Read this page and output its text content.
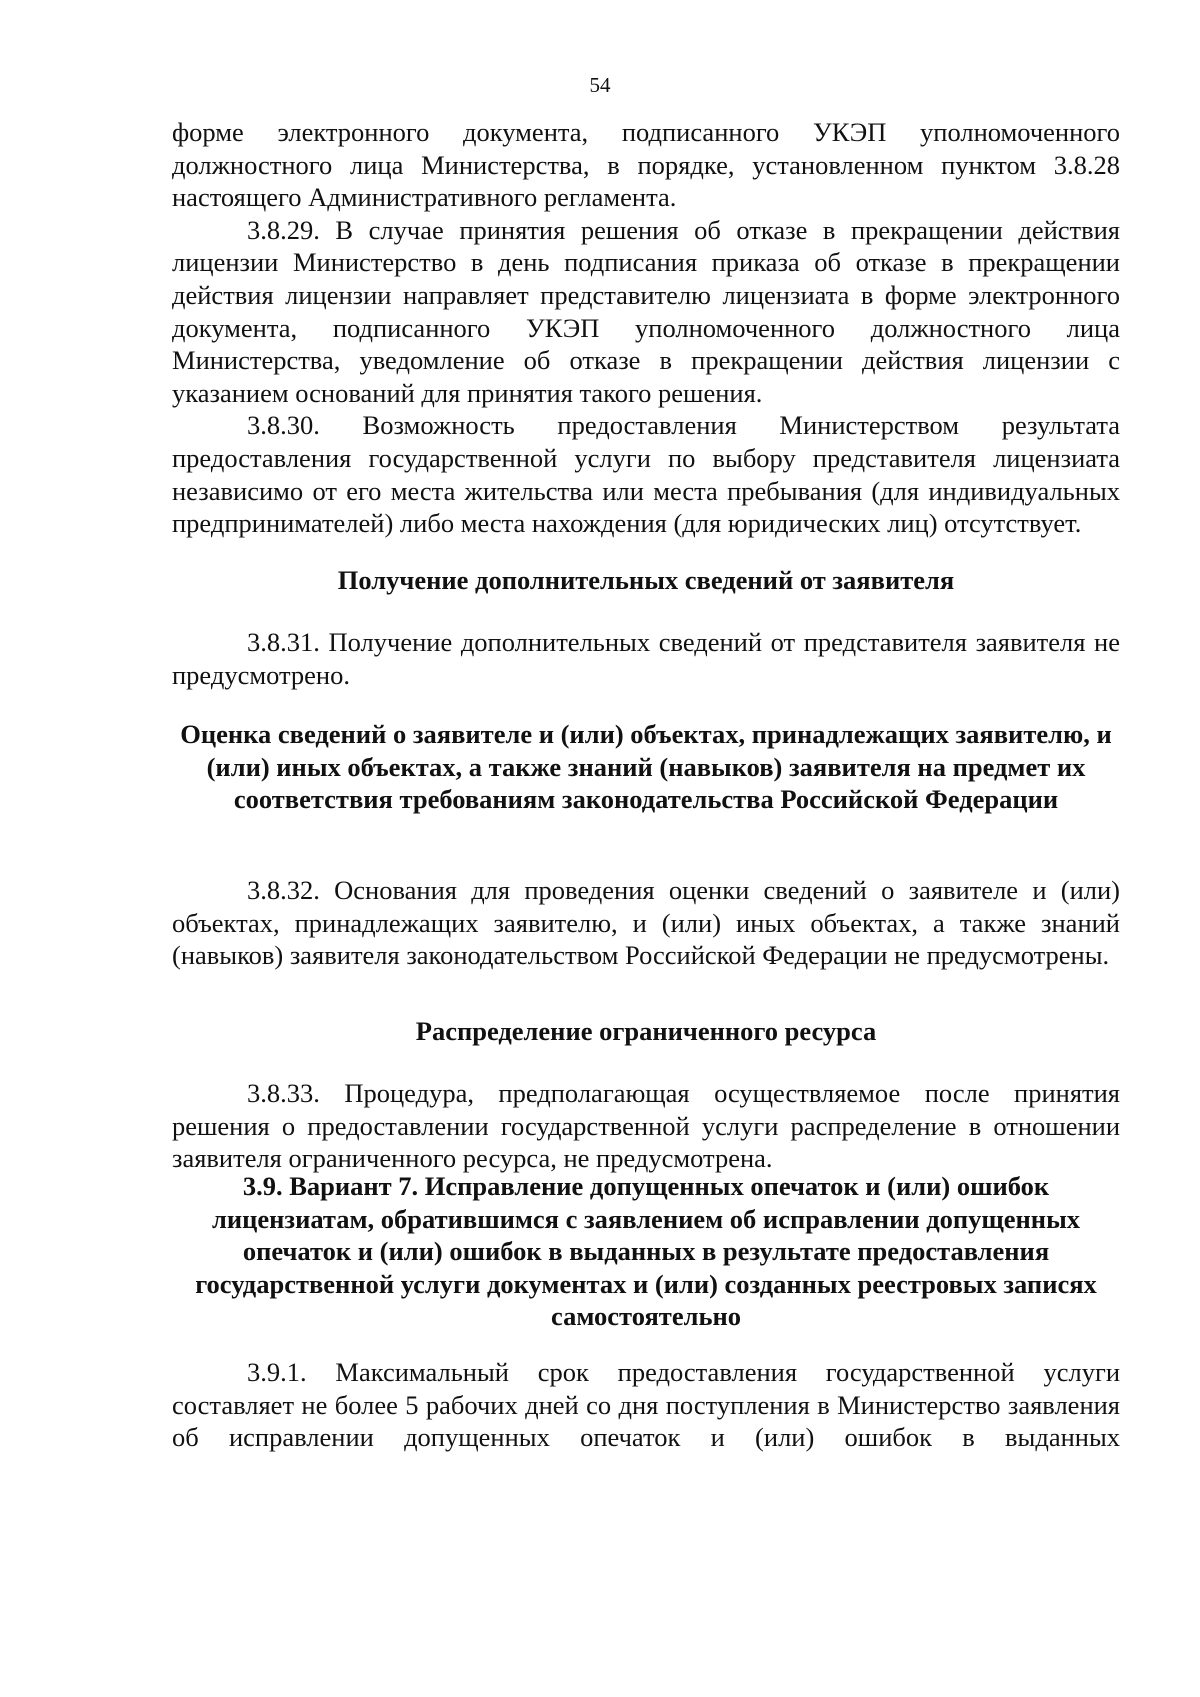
54

форме электронного документа, подписанного УКЭП уполномоченного должностного лица Министерства, в порядке, установленном пунктом 3.8.28 настоящего Административного регламента.

3.8.29. В случае принятия решения об отказе в прекращении действия лицензии Министерство в день подписания приказа об отказе в прекращении действия лицензии направляет представителю лицензиата в форме электронного документа, подписанного УКЭП уполномоченного должностного лица Министерства, уведомление об отказе в прекращении действия лицензии с указанием оснований для принятия такого решения.

3.8.30. Возможность предоставления Министерством результата предоставления государственной услуги по выбору представителя лицензиата независимо от его места жительства или места пребывания (для индивидуальных предпринимателей) либо места нахождения (для юридических лиц) отсутствует.

Получение дополнительных сведений от заявителя

3.8.31. Получение дополнительных сведений от представителя заявителя не предусмотрено.

Оценка сведений о заявителе и (или) объектах, принадлежащих заявителю, и (или) иных объектах, а также знаний (навыков) заявителя на предмет их соответствия требованиям законодательства Российской Федерации

3.8.32. Основания для проведения оценки сведений о заявителе и (или) объектах, принадлежащих заявителю, и (или) иных объектах, а также знаний (навыков) заявителя законодательством Российской Федерации не предусмотрены.

Распределение ограниченного ресурса

3.8.33. Процедура, предполагающая осуществляемое после принятия решения о предоставлении государственной услуги распределение в отношении заявителя ограниченного ресурса, не предусмотрена.

3.9. Вариант 7. Исправление допущенных опечаток и (или) ошибок лицензиатам, обратившимся с заявлением об исправлении допущенных опечаток и (или) ошибок в выданных в результате предоставления государственной услуги документах и (или) созданных реестровых записях самостоятельно

3.9.1. Максимальный срок предоставления государственной услуги составляет не более 5 рабочих дней со дня поступления в Министерство заявления об исправлении допущенных опечаток и (или) ошибок в выданных
